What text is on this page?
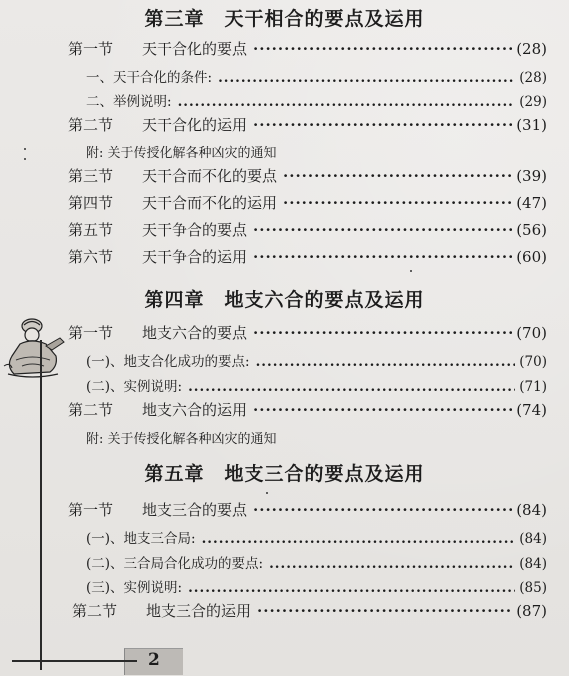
第三章　天干相合的要点及运用
第一节 天干合化的要点 ·····	(28)
一、天干合化的条件: .....	(28)
二、举例说明: .....	(29)
第二节 天干合化的运用 ·····	(31)
附: 关于传授化解各种凶灾的通知
第三节 天干合而不化的要点 ·····	(39)
第四节 天干合而不化的运用 ·····	(47)
第五节 天干争合的要点 ·····	(56)
第六节 天干争合的运用 ·····	(60)
第四章　地支六合的要点及运用
第一节 地支六合的要点 ·····	(70)
(一)、地支合化成功的要点: .....	(70)
(二)、实例说明: .....	(71)
第二节 地支六合的运用 ·····	(74)
附: 关于传授化解各种凶灾的通知
第五章　地支三合的要点及运用
第一节 地支三合的要点 ·····	(84)
(一)、地支三合局: .....	(84)
(二)、三合局合化成功的要点: .....	(84)
(三)、实例说明: .....	(85)
第二节 地支三合的运用 ·····	(87)
2
